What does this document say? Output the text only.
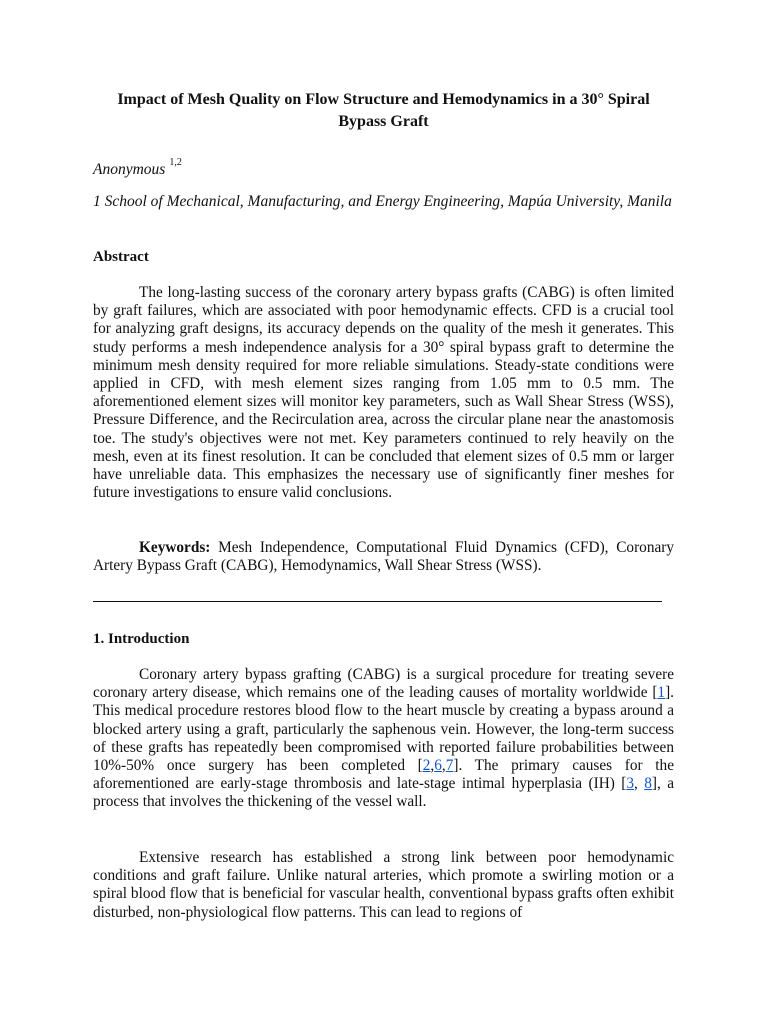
Impact of Mesh Quality on Flow Structure and Hemodynamics in a 30° Spiral Bypass Graft
Anonymous $^{1,2}$
1 School of Mechanical, Manufacturing, and Energy Engineering, Mapúa University, Manila
Abstract

The long-lasting success of the coronary artery bypass grafts (CABG) is often limited by graft failures, which are associated with poor hemodynamic effects. CFD is a crucial tool for analyzing graft designs, its accuracy depends on the quality of the mesh it generates. This study performs a mesh independence analysis for a 30° spiral bypass graft to determine the minimum mesh density required for more reliable simulations. Steady-state conditions were applied in CFD, with mesh element sizes ranging from 1.05 mm to 0.5 mm. The aforementioned element sizes will monitor key parameters, such as Wall Shear Stress (WSS), Pressure Difference, and the Recirculation area, across the circular plane near the anastomosis toe. The study's objectives were not met. Key parameters continued to rely heavily on the mesh, even at its finest resolution. It can be concluded that element sizes of 0.5 mm or larger have unreliable data. This emphasizes the necessary use of significantly finer meshes for future investigations to ensure valid conclusions.

Keywords: Mesh Independence, Computational Fluid Dynamics (CFD), Coronary Artery Bypass Graft (CABG), Hemodynamics, Wall Shear Stress (WSS).

1. Introduction

Coronary artery bypass grafting (CABG) is a surgical procedure for treating severe coronary artery disease, which remains one of the leading causes of mortality worldwide [1]. This medical procedure restores blood flow to the heart muscle by creating a bypass around a blocked artery using a graft, particularly the saphenous vein. However, the long-term success of these grafts has repeatedly been compromised with reported failure probabilities between 10%-50% once surgery has been completed [2,6,7]. The primary causes for the aforementioned are early-stage thrombosis and late-stage intimal hyperplasia (IH) [3, 8], a process that involves the thickening of the vessel wall.

Extensive research has established a strong link between poor hemodynamic conditions and graft failure. Unlike natural arteries, which promote a swirling motion or a spiral blood flow that is beneficial for vascular health, conventional bypass grafts often exhibit disturbed, non-physiological flow patterns. This can lead to regions of
